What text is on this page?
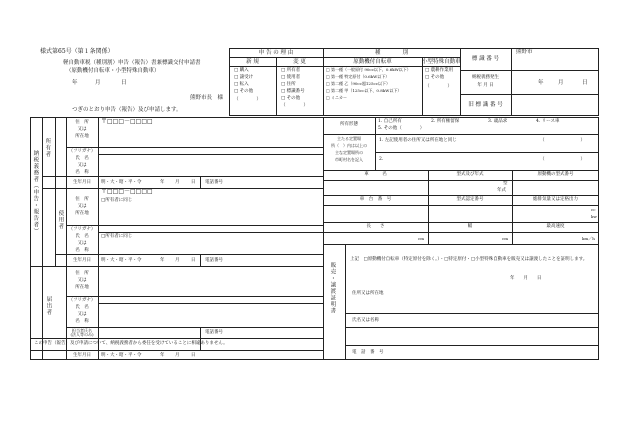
様式第65号（第１条関係）
軽自動車税（種別割）申告（報告）書兼標識交付申請書
（原動機付自転車・小型特殊自動車）
年	月	日
熊野市長　様
つぎのとおり申告（報告）及び申請します。
申 告 の 理 由
新 規	変 更
□ 購入
□ 譲受け
□ 転入
□ その他
（　　　　）
□ 所有者
□ 使用者
□ 住所
□ 標識番号
□ その他
（　　　　）
種　　　　別
原動機付自転車	小型特殊自動車
□ 第一種（一般原付 90cc以下、0.6kW以下）
□ 第一種 特定原付（0.6kW以下）
□ 第二種 乙（90cc超125cc以下）
□ 第二種 甲（125cc以下、0.8kW以下）
□ ミニカー
□ 農耕作業用
□ その他
（　　　　）
標 識 番 号
熊野市
納税義務発生
年 月 日	年	月	日
旧 標 識 番 号
納税義務者（申告・報告者）
所有者
使用者
届出者
住　所
又は
所在地
〒□□□－□□□□
（フリガナ）
氏　名
又は
名　称
生年月日	明・大・昭・平・令	年 月	日 電話番号
住　所
又は
所在地
〒□□□－□□□□
□所有者に同じ
（フリガナ）
氏　名
又は
名　称
□所有者に同じ
生年月日	明・大・昭・平・令	年 月	日 電話番号
住　所
又は
所在地
（フリガナ）
氏　名
又は
名　称
担当者氏名
(法人等のみ)	電話番号
この申告（報告）及び申請について、納税義務者から委任を受けていることに相違ありません。
生年月日	明・大・昭・平・令	年 月	日
所有形態
1. 自己所有	2. 所有権留保	3. 歳品求	4. リース車
5. その他（　　　　）
主たる定置場
所（　）内は以上の
主な定置場所の
市町村名を記入
1. 左記使用者の住所又は所在地と同じ	（　　　　　　　　）
2.	（　　　　　　　　）
車　　　名	型式及び年式	原動機の型式番号
型
年式
車　台　番　号	型式認定番号	総排気量又は定格出力
cc
kw
長　　さ	幅	最高速度
cm	cm	km／h
販売・譲渡証明書
上記　□原動機付自転車（特定原付を除く。）・□特定原付・□小型特殊自動車を販売又は譲渡したことを証明します。
年　　月　　日
住所又は所在地
氏名又は名称
電　話　番　号
